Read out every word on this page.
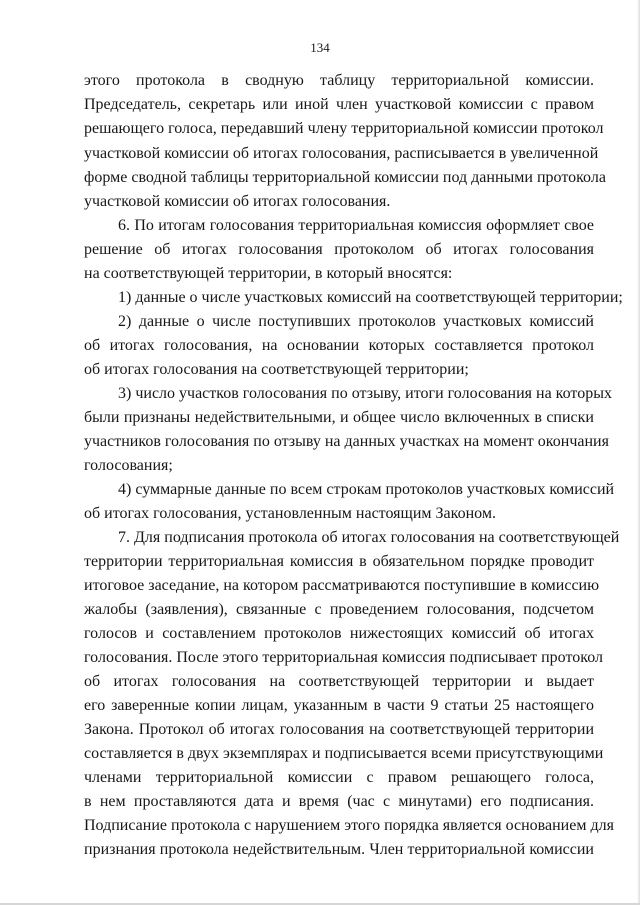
134
этого протокола в сводную таблицу территориальной комиссии.
Председатель, секретарь или иной член участковой комиссии с правом
решающего голоса, передавший члену территориальной комиссии протокол
участковой комиссии об итогах голосования, расписывается в увеличенной
форме сводной таблицы территориальной комиссии под данными протокола
участковой комиссии об итогах голосования.
6. По итогам голосования территориальная комиссия оформляет свое
решение об итогах голосования протоколом об итогах голосования
на соответствующей территории, в который вносятся:
1) данные о числе участковых комиссий на соответствующей территории;
2) данные о числе поступивших протоколов участковых комиссий
об итогах голосования, на основании которых составляется протокол
об итогах голосования на соответствующей территории;
3) число участков голосования по отзыву, итоги голосования на которых
были признаны недействительными, и общее число включенных в списки
участников голосования по отзыву на данных участках на момент окончания
голосования;
4) суммарные данные по всем строкам протоколов участковых комиссий
об итогах голосования, установленным настоящим Законом.
7. Для подписания протокола об итогах голосования на соответствующей
территории территориальная комиссия в обязательном порядке проводит
итоговое заседание, на котором рассматриваются поступившие в комиссию
жалобы (заявления), связанные с проведением голосования, подсчетом
голосов и составлением протоколов нижестоящих комиссий об итогах
голосования. После этого территориальная комиссия подписывает протокол
об итогах голосования на соответствующей территории и выдает
его заверенные копии лицам, указанным в части 9 статьи 25 настоящего
Закона. Протокол об итогах голосования на соответствующей территории
составляется в двух экземплярах и подписывается всеми присутствующими
членами территориальной комиссии с правом решающего голоса,
в нем проставляются дата и время (час с минутами) его подписания.
Подписание протокола с нарушением этого порядка является основанием для
признания протокола недействительным. Член территориальной комиссии
